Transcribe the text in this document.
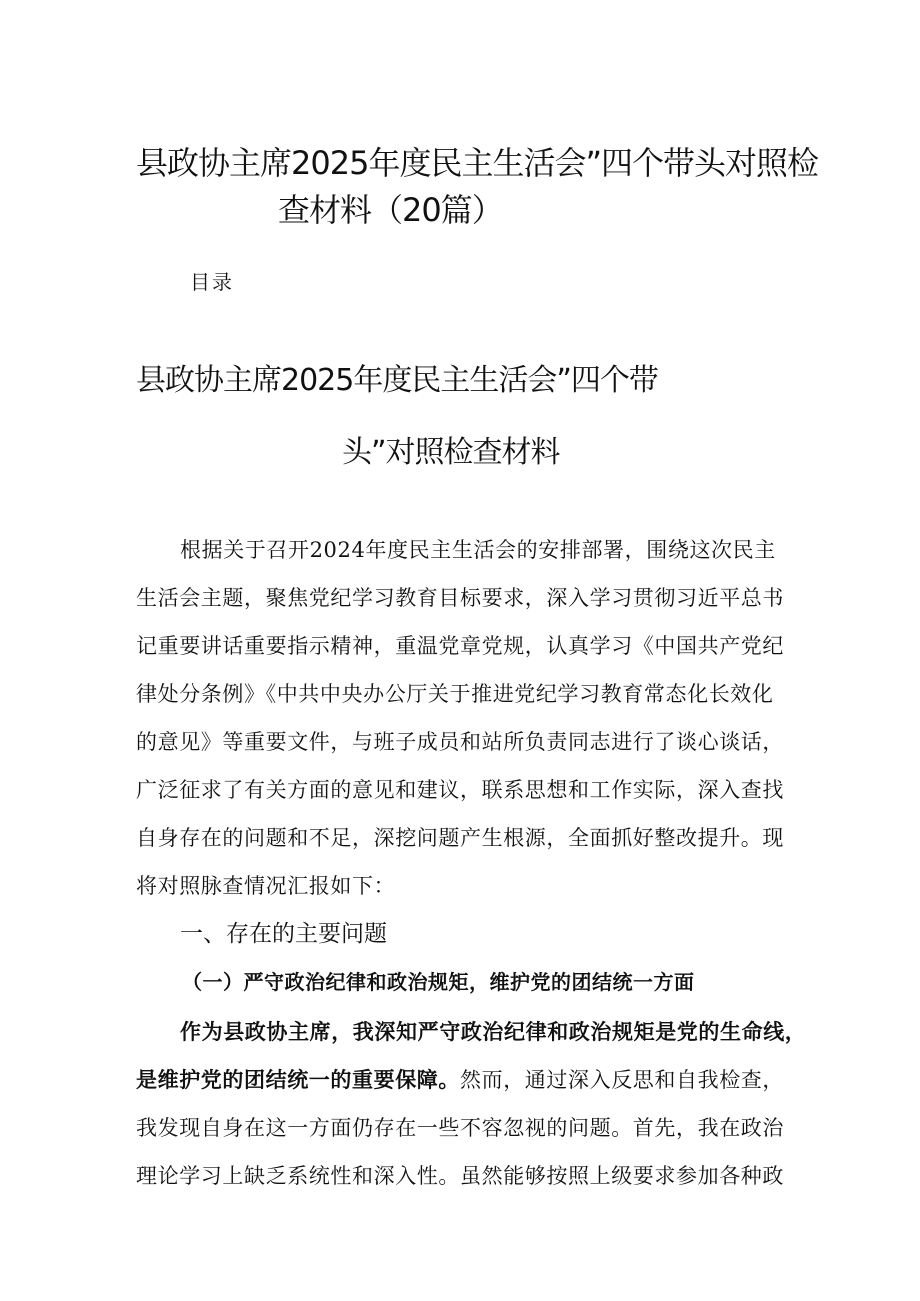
县政协主席2025年度民主生活会”四个带头对照检
查材料（20篇）
目录
县政协主席2025年度民主生活会”四个带
头”对照检查材料
根据关于召开2024年度民主生活会的安排部署，围绕这次民主
生活会主题，聚焦党纪学习教育目标要求，深入学习贯彻习近平总书
记重要讲话重要指示精神，重温党章党规，认真学习《中国共产党纪
律处分条例》《中共中央办公厅关于推进党纪学习教育常态化长效化
的意见》等重要文件，与班子成员和站所负责同志进行了谈心谈话，
广泛征求了有关方面的意见和建议，联系思想和工作实际，深入查找
自身存在的问题和不足，深挖问题产生根源，全面抓好整改提升。现
将对照脉查情况汇报如下：
一、存在的主要问题
（一）严守政治纪律和政治规矩，维护党的团结统一方面
作为县政协主席，我深知严守政治纪律和政治规矩是党的生命线，
是维护党的团结统一的重要保障。然而，通过深入反思和自我检查，
我发现自身在这一方面仍存在一些不容忽视的问题。首先，我在政治
理论学习上缺乏系统性和深入性。虽然能够按照上级要求参加各种政
